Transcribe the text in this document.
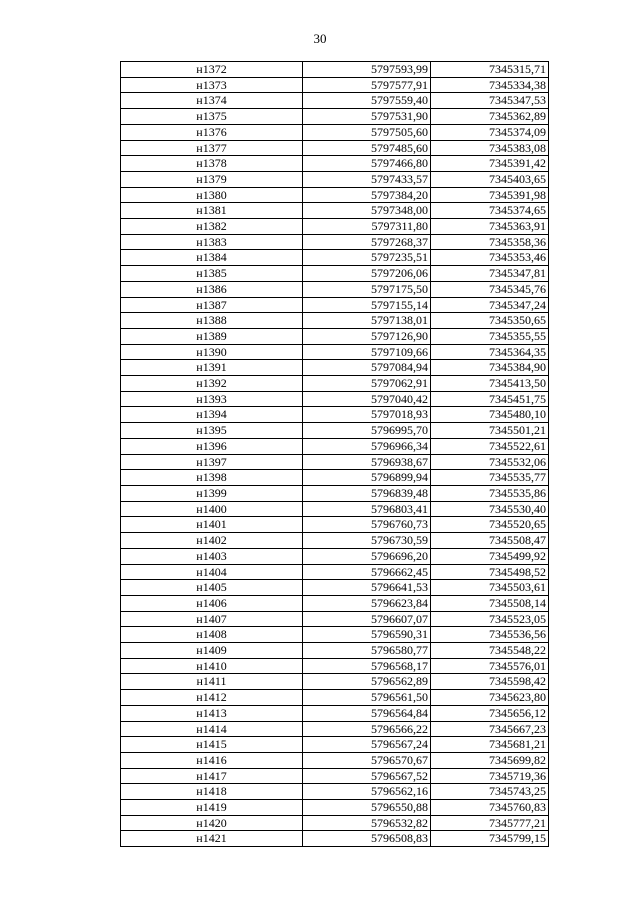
30
н1372	5797593,99	7345315,71
н1373	5797577,91	7345334,38
н1374	5797559,40	7345347,53
н1375	5797531,90	7345362,89
н1376	5797505,60	7345374,09
н1377	5797485,60	7345383,08
н1378	5797466,80	7345391,42
н1379	5797433,57	7345403,65
н1380	5797384,20	7345391,98
н1381	5797348,00	7345374,65
н1382	5797311,80	7345363,91
н1383	5797268,37	7345358,36
н1384	5797235,51	7345353,46
н1385	5797206,06	7345347,81
н1386	5797175,50	7345345,76
н1387	5797155,14	7345347,24
н1388	5797138,01	7345350,65
н1389	5797126,90	7345355,55
н1390	5797109,66	7345364,35
н1391	5797084,94	7345384,90
н1392	5797062,91	7345413,50
н1393	5797040,42	7345451,75
н1394	5797018,93	7345480,10
н1395	5796995,70	7345501,21
н1396	5796966,34	7345522,61
н1397	5796938,67	7345532,06
н1398	5796899,94	7345535,77
н1399	5796839,48	7345535,86
н1400	5796803,41	7345530,40
н1401	5796760,73	7345520,65
н1402	5796730,59	7345508,47
н1403	5796696,20	7345499,92
н1404	5796662,45	7345498,52
н1405	5796641,53	7345503,61
н1406	5796623,84	7345508,14
н1407	5796607,07	7345523,05
н1408	5796590,31	7345536,56
н1409	5796580,77	7345548,22
н1410	5796568,17	7345576,01
н1411	5796562,89	7345598,42
н1412	5796561,50	7345623,80
н1413	5796564,84	7345656,12
н1414	5796566,22	7345667,23
н1415	5796567,24	7345681,21
н1416	5796570,67	7345699,82
н1417	5796567,52	7345719,36
н1418	5796562,16	7345743,25
н1419	5796550,88	7345760,83
н1420	5796532,82	7345777,21
н1421	5796508,83	7345799,15
